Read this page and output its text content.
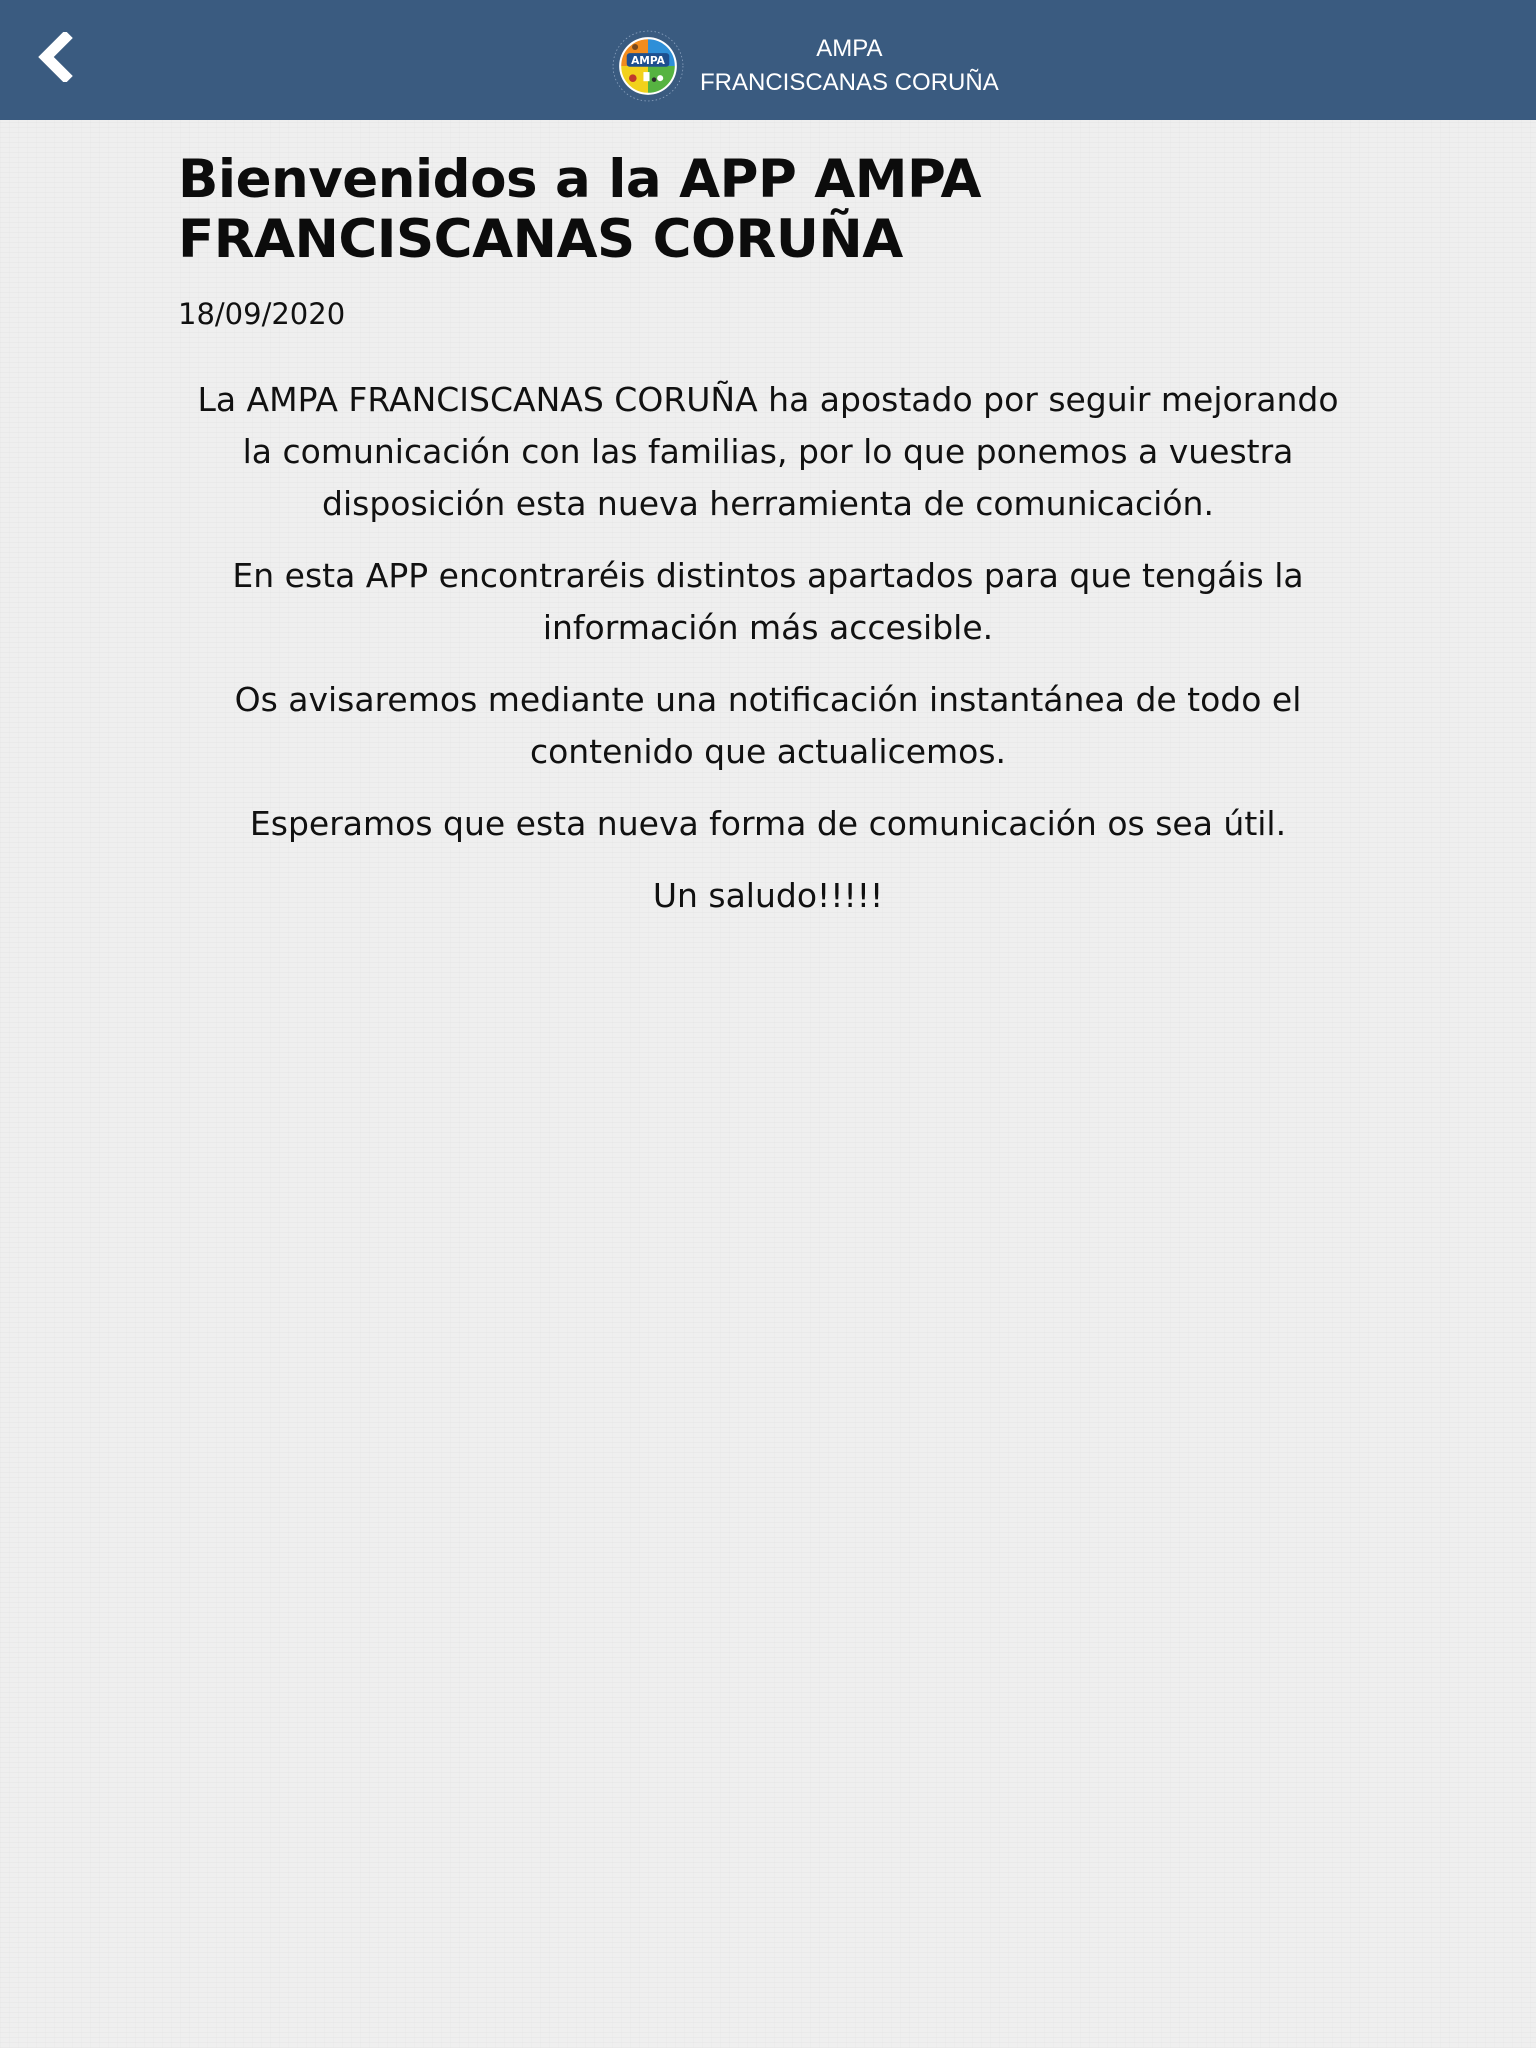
AMPA	AMPA
FRANCISCANAS CORUÑA
Bienvenidos a la APP AMPA FRANCISCANAS CORUÑA
18/09/2020

La AMPA FRANCISCANAS CORUÑA ha apostado por seguir mejorando la comunicación con las familias, por lo que ponemos a vuestra disposición esta nueva herramienta de comunicación.

En esta APP encontraréis distintos apartados para que tengáis la información más accesible.

Os avisaremos mediante una notificación instantánea de todo el contenido que actualicemos.

Esperamos que esta nueva forma de comunicación os sea útil.

Un saludo!!!!!
